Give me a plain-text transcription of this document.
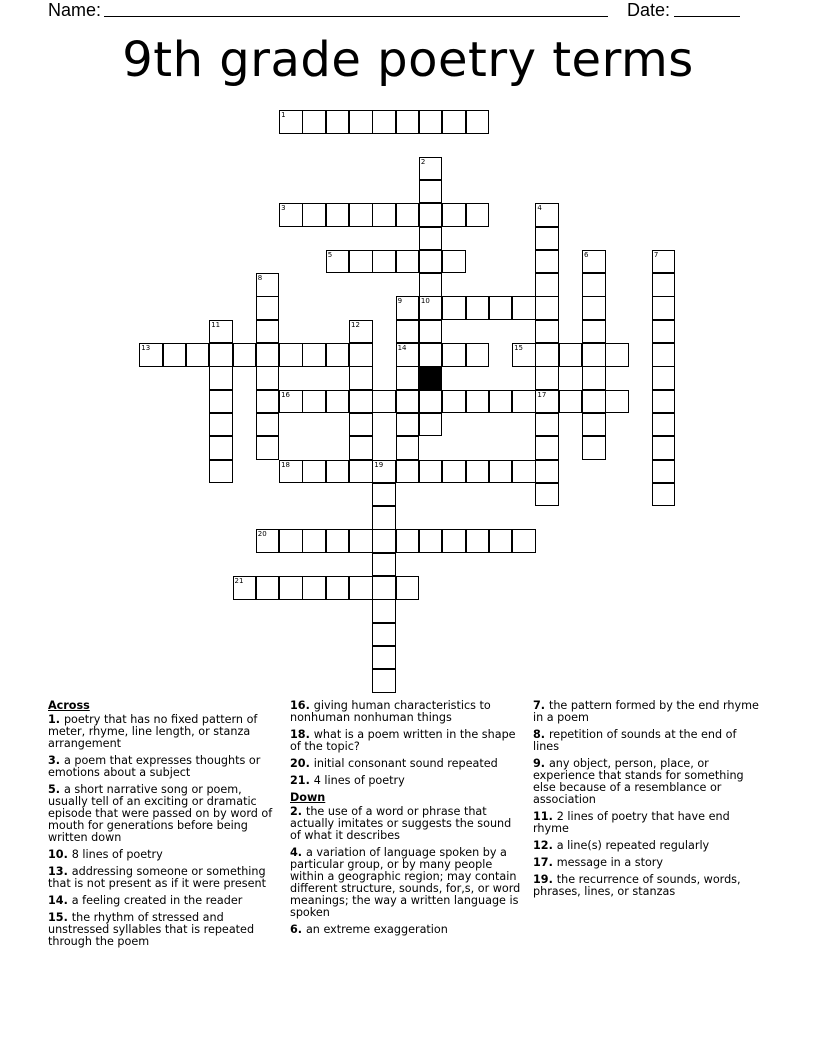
Name:	Date:
9th grade poetry terms
1
2
10
3	4
17
5	6	7
8
9
14
11	12
13	15
16
18	19
20
21
Across
1. poetry that has no fixed pattern of meter, rhyme, line length, or stanza arrangement
3. a poem that expresses thoughts or emotions about a subject
5. a short narrative song or poem, usually tell of an exciting or dramatic episode that were passed on by word of mouth for generations before being written down
10. 8 lines of poetry
13. addressing someone or something that is not present as if it were present
14. a feeling created in the reader
15. the rhythm of stressed and unstressed syllables that is repeated through the poem
16. giving human characteristics to nonhuman nonhuman things
18. what is a poem written in the shape of the topic?
20. initial consonant sound repeated
21. 4 lines of poetry
Down
2. the use of a word or phrase that actually imitates or suggests the sound of what it describes
4. a variation of language spoken by a particular group, or by many people within a geographic region; may contain different structure, sounds, for,s, or word meanings; the way a written language is spoken
6. an extreme exaggeration
7. the pattern formed by the end rhyme in a poem
8. repetition of sounds at the end of lines
9. any object, person, place, or experience that stands for something else because of a resemblance or association
11. 2 lines of poetry that have end rhyme
12. a line(s) repeated regularly
17. message in a story
19. the recurrence of sounds, words, phrases, lines, or stanzas
